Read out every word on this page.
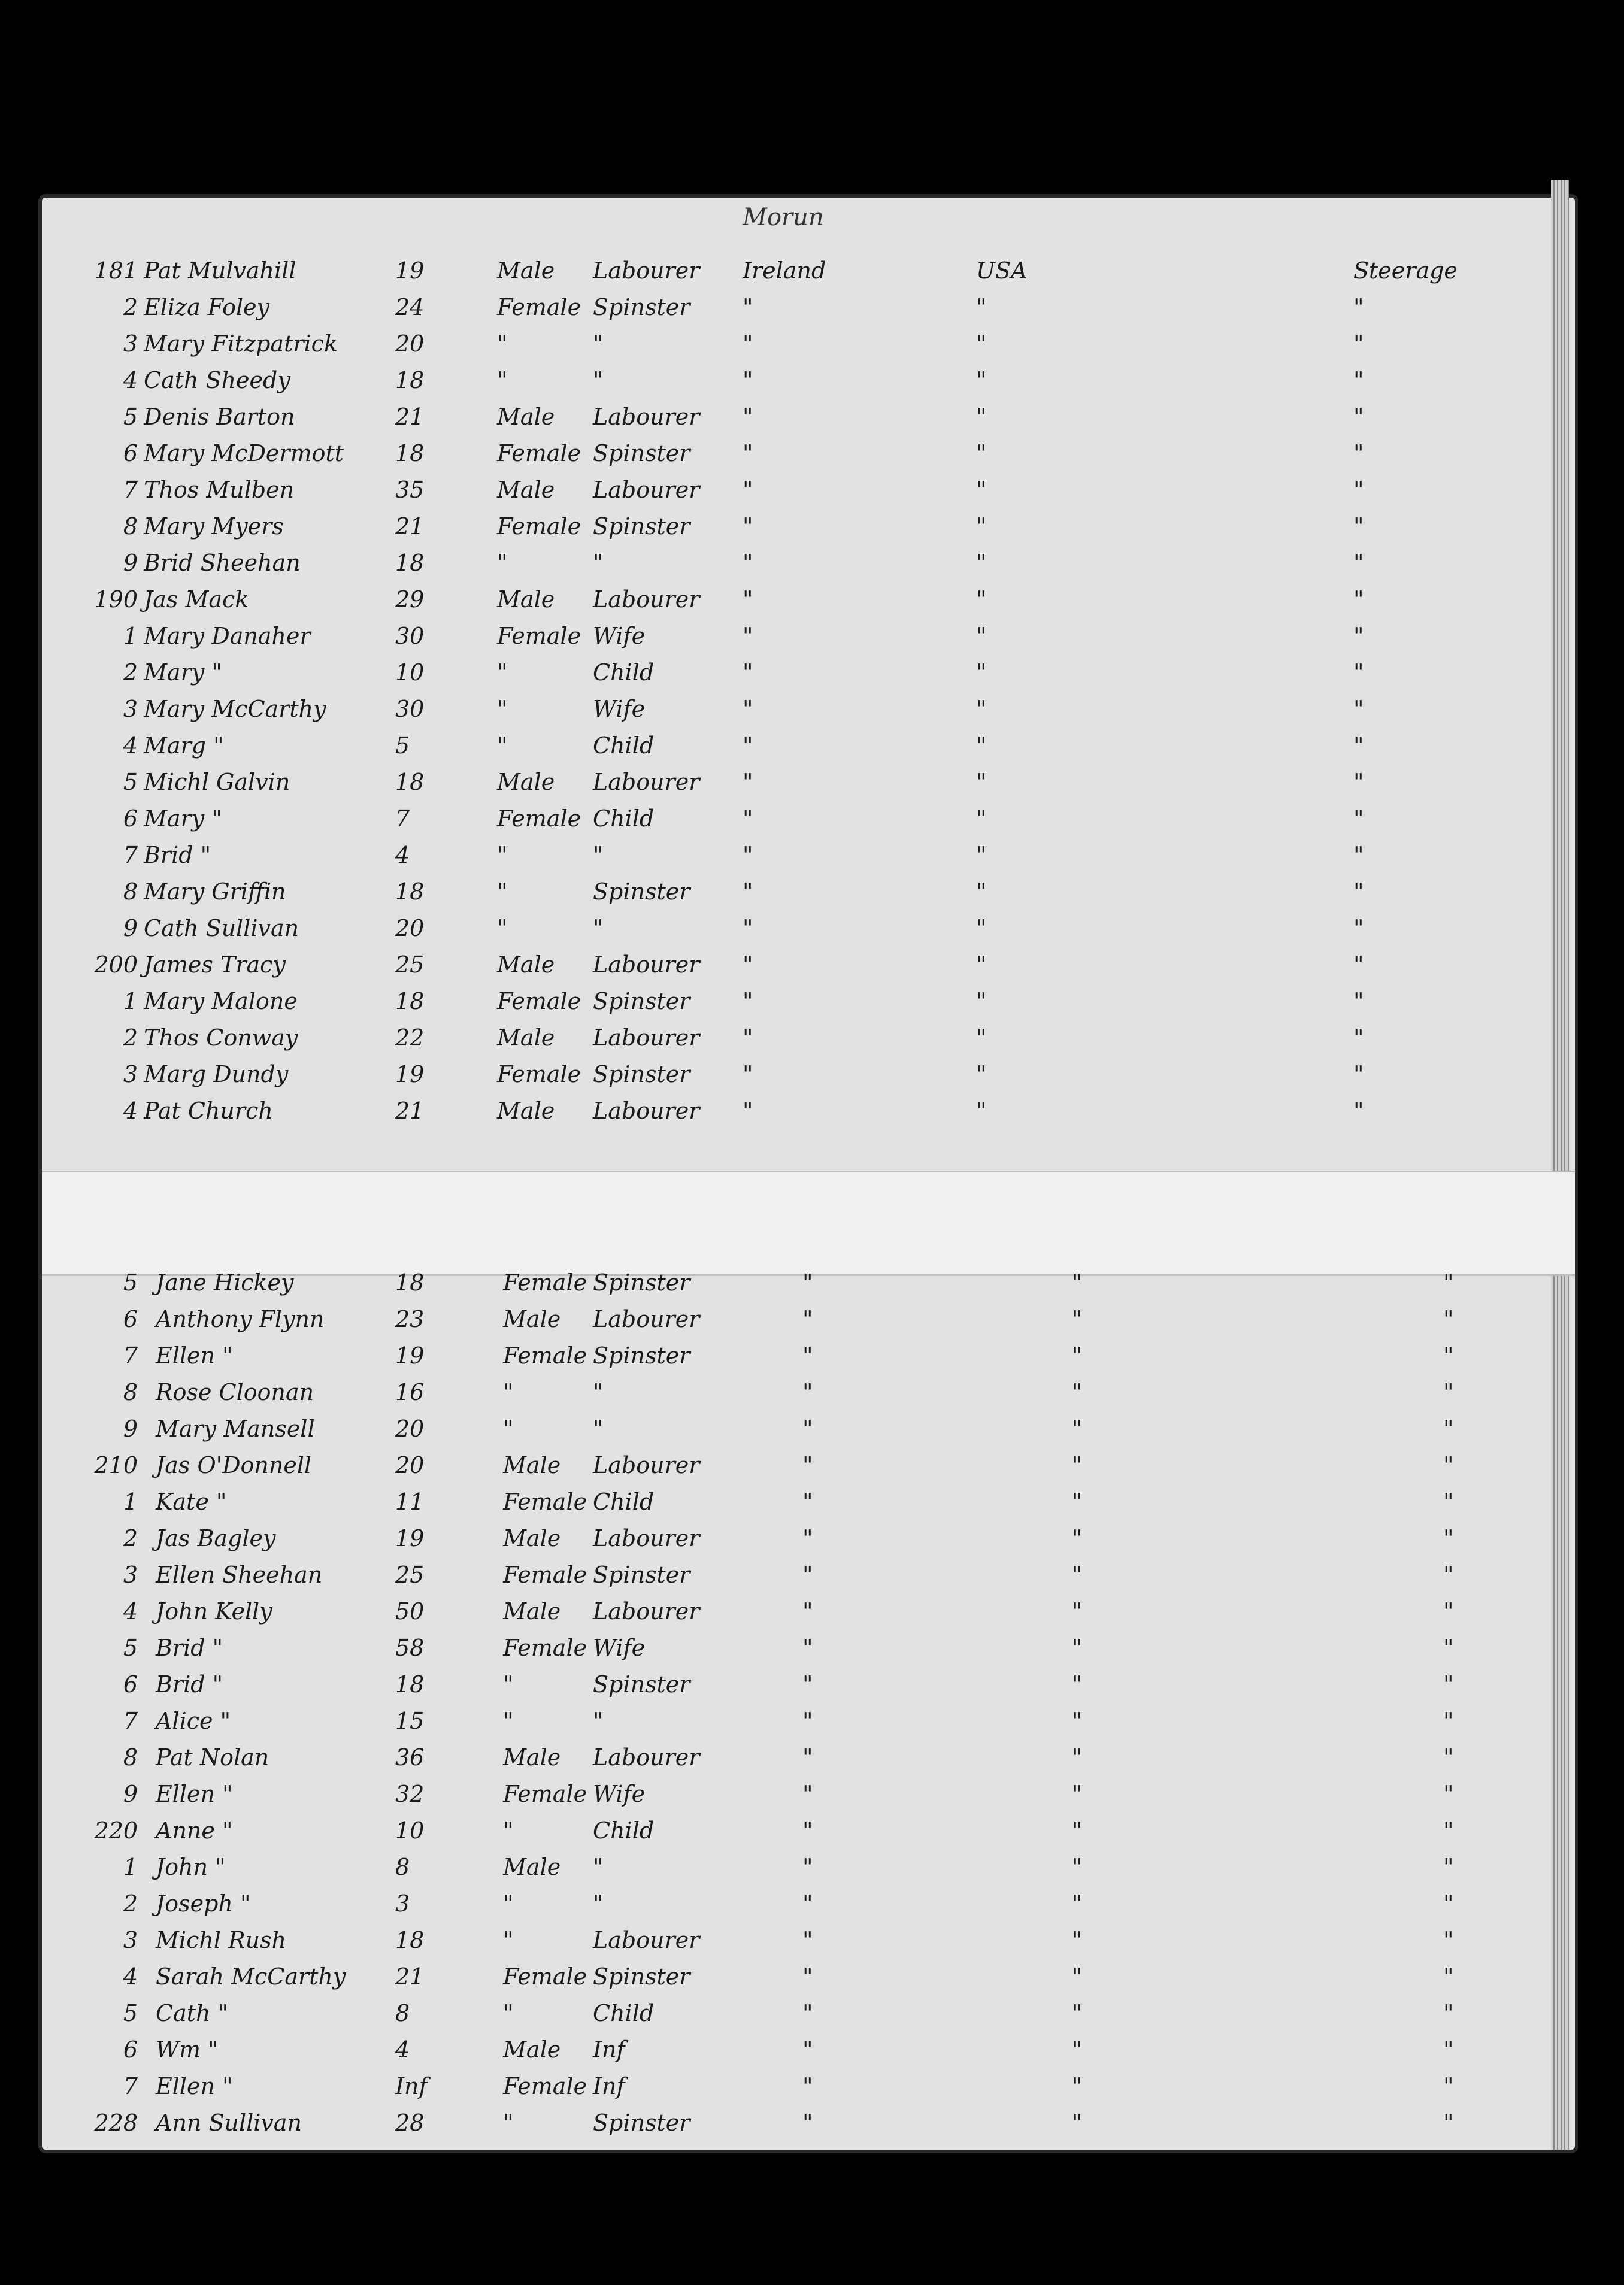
Morun
181 Pat Mulvahill	19	Male	Labourer	Ireland	USA	Steerage
2 Eliza Foley	24	Female Spinster	"	"	"
3 Mary Fitzpatrick	20	"	"	"	"	"
4 Cath Sheedy	18	"	"	"	"	"
5 Denis Barton	21	Male	Labourer	"	"	"
6 Mary McDermott	18	Female Spinster	"	"	"
7 Thos Mulben	35	Male	Labourer	"	"	"
8 Mary Myers	21	Female Spinster	"	"	"
9 Brid Sheehan	18	"	"	"	"	"
190 Jas Mack	29	Male	Labourer	"	"	"
1 Mary Danaher	30	Female Wife	"	"	"
2 Mary "	10	"	Child	"	"	"
3 Mary McCarthy	30	"	Wife	"	"	"
4 Marg "	5	"	Child	"	"	"
5 Michl Galvin	18	Male	Labourer	"	"	"
6 Mary "	7	Female Child	"	"	"
7 Brid "	4	"	"	"	"	"
8 Mary Griffin	18	"	Spinster	"	"	"
9 Cath Sullivan	20	"	"	"	"	"
200 James Tracy	25	Male	Labourer	"	"	"
1 Mary Malone	18	Female Spinster	"	"	"
2 Thos Conway	22	Male	Labourer	"	"	"
3 Marg Dundy	19	Female Spinster	"	"	"
4 Pat Church	21	Male	Labourer	"	"	"
5 Jane Hickey	18	Female Spinster	"	"	"
6 Anthony Flynn	23	Male	Labourer	"	"	"
7 Ellen "	19	Female Spinster	"	"	"
8 Rose Cloonan	16	"	"	"	"	"
9 Mary Mansell	20	"	"	"	"	"
210 Jas O'Donnell	20	Male	Labourer	"	"	"
1 Kate "	11	Female Child	"	"	"
2 Jas Bagley	19	Male	Labourer	"	"	"
3 Ellen Sheehan	25	Female Spinster	"	"	"
4 John Kelly	50	Male	Labourer	"	"	"
5 Brid "	58	Female Wife	"	"	"
6 Brid "	18	"	Spinster	"	"	"
7 Alice "	15	"	"	"	"	"
8 Pat Nolan	36	Male	Labourer	"	"	"
9 Ellen "	32	Female Wife	"	"	"
220 Anne "	10	"	Child	"	"	"
1 John "	8	Male	"	"	"	"
2 Joseph "	3	"	"	"	"	"
3 Michl Rush	18	"	Labourer	"	"	"
4 Sarah McCarthy	21	Female Spinster	"	"	"
5 Cath "	8	"	Child	"	"	"
6 Wm "	4	Male	Inf	"	"	"
7 Ellen "	Inf	Female Inf	"	"	"
228 Ann Sullivan	28	"	Spinster	"	"	"
